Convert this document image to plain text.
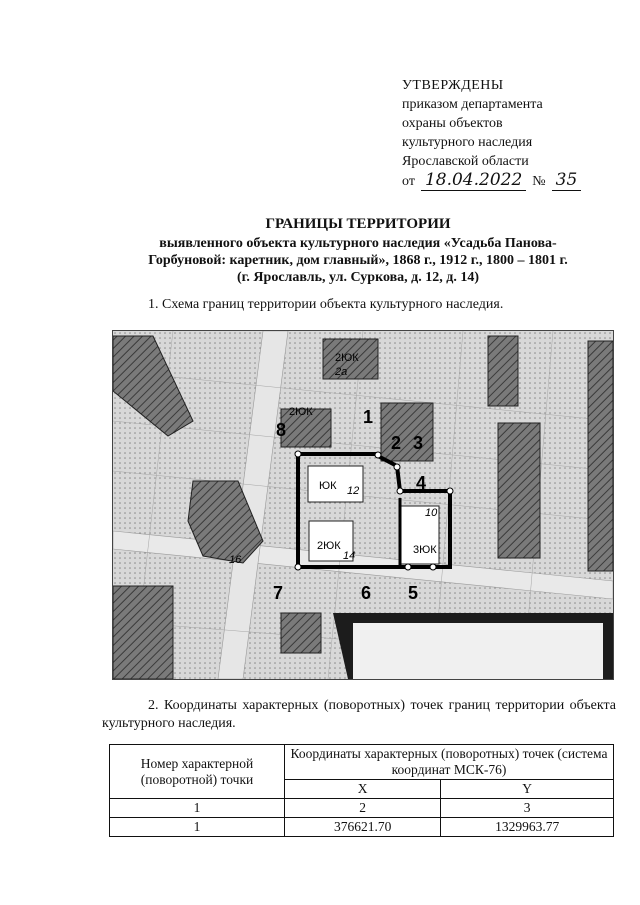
УТВЕРЖДЕНЫ
приказом департамента
охраны объектов
культурного наследия
Ярославской области
от 18.04.2022 № 35
ГРАНИЦЫ ТЕРРИТОРИИ
выявленного объекта культурного наследия «Усадьба Панова-
Горбуновой: каретник, дом главный», 1868 г., 1912 г., 1800 – 1801 г.
(г. Ярославль, ул. Суркова, д. 12, д. 14)
1. Схема границ территории объекта культурного наследия.
1
2 3
4
5
6
7
8
2ЮК
2ЮК
ЮК
2ЮК	3ЮК
12
14
10
2а
16
2. Координаты характерных (поворотных) точек границ территории объекта культурного наследия.
Номер характерной (поворотной) точки	Координаты характерных (поворотных) точек (система координат МСК-76)	
	X	Y
1	2	3
1	376621.70	1329963.77
